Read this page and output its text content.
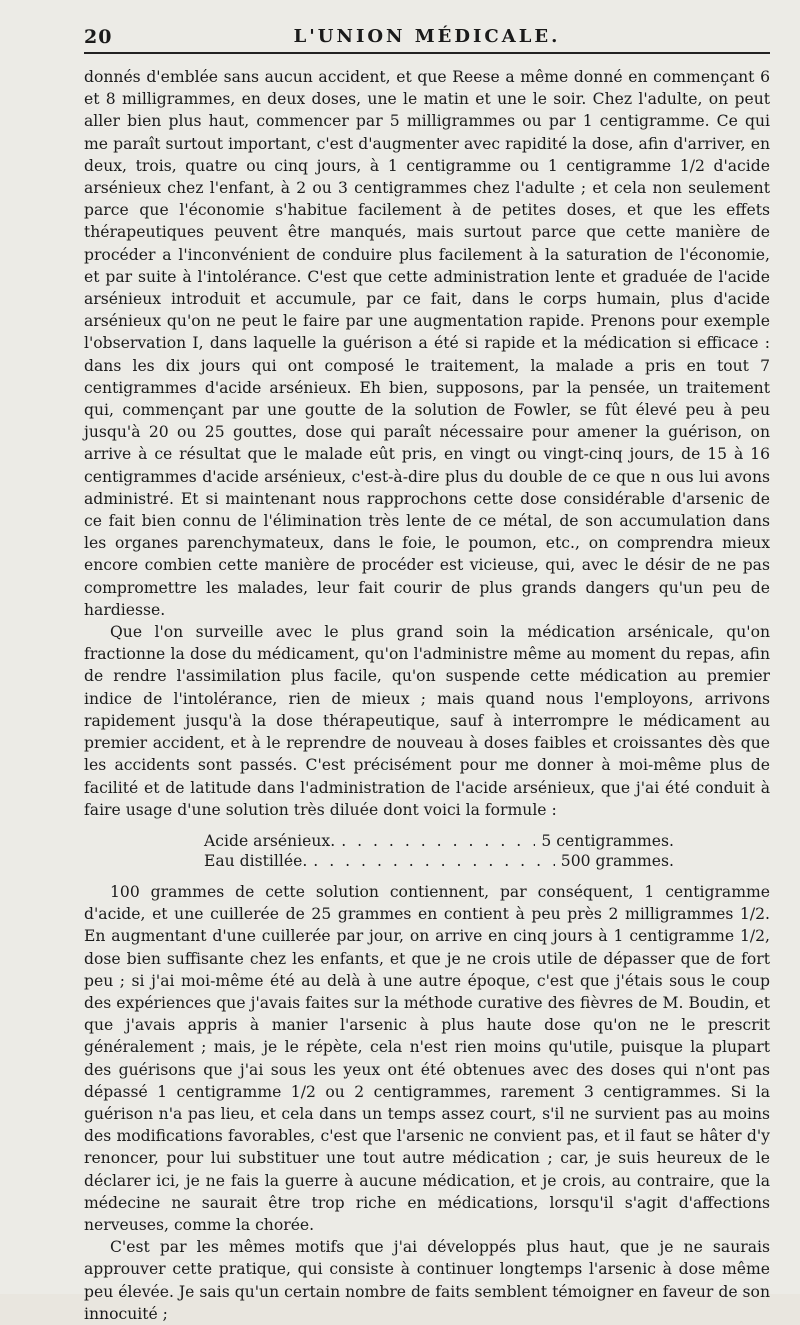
20	L'UNION MÉDICALE.

donnés d'emblée sans aucun accident, et que Reese a même donné en commençant 6 et 8 milligrammes, en deux doses, une le matin et une le soir. Chez l'adulte, on peut aller bien plus haut, commencer par 5 milligrammes ou par 1 centigramme. Ce qui me paraît surtout important, c'est d'augmenter avec rapidité la dose, afin d'arriver, en deux, trois, quatre ou cinq jours, à 1 centigramme ou 1 centigramme 1/2 d'acide arsénieux chez l'enfant, à 2 ou 3 centigrammes chez l'adulte ; et cela non seulement parce que l'économie s'habitue facilement à de petites doses, et que les effets thérapeutiques peuvent être manqués, mais surtout parce que cette manière de procéder a l'inconvénient de conduire plus facilement à la saturation de l'économie, et par suite à l'intolérance. C'est que cette administration lente et graduée de l'acide arsénieux introduit et accumule, par ce fait, dans le corps humain, plus d'acide arsénieux qu'on ne peut le faire par une augmentation rapide. Prenons pour exemple l'observation I, dans laquelle la guérison a été si rapide et la médication si efficace : dans les dix jours qui ont composé le traitement, la malade a pris en tout 7 centigrammes d'acide arsénieux. Eh bien, supposons, par la pensée, un traitement qui, commençant par une goutte de la solution de Fowler, se fût élevé peu à peu jusqu'à 20 ou 25 gouttes, dose qui paraît nécessaire pour amener la guérison, on arrive à ce résultat que le malade eût pris, en vingt ou vingt-cinq jours, de 15 à 16 centigrammes d'acide arsénieux, c'est-à-dire plus du double de ce que n ous lui avons administré. Et si maintenant nous rapprochons cette dose considérable d'arsenic de ce fait bien connu de l'élimination très lente de ce métal, de son accumulation dans les organes parenchymateux, dans le foie, le poumon, etc., on comprendra mieux encore combien cette manière de procéder est vicieuse, qui, avec le désir de ne pas compromettre les malades, leur fait courir de plus grands dangers qu'un peu de hardiesse.

Que l'on surveille avec le plus grand soin la médication arsénicale, qu'on fractionne la dose du médicament, qu'on l'administre même au moment du repas, afin de rendre l'assimilation plus facile, qu'on suspende cette médication au premier indice de l'intolérance, rien de mieux ; mais quand nous l'employons, arrivons rapidement jusqu'à la dose thérapeutique, sauf à interrompre le médicament au premier accident, et à le reprendre de nouveau à doses faibles et croissantes dès que les accidents sont passés. C'est précisément pour me donner à moi-même plus de facilité et de latitude dans l'administration de l'acide arsénieux, que j'ai été conduit à faire usage d'une solution très diluée dont voici la formule :

Acide arsénieux. . . .	5 centigrammes.
Eau distillée. . . .	500 grammes.

100 grammes de cette solution contiennent, par conséquent, 1 centigramme d'acide, et une cuillerée de 25 grammes en contient à peu près 2 milligrammes 1/2. En augmentant d'une cuillerée par jour, on arrive en cinq jours à 1 centigramme 1/2, dose bien suffisante chez les enfants, et que je ne crois utile de dépasser que de fort peu ; si j'ai moi-même été au delà à une autre époque, c'est que j'étais sous le coup des expériences que j'avais faites sur la méthode curative des fièvres de M. Boudin, et que j'avais appris à manier l'arsenic à plus haute dose qu'on ne le prescrit généralement ; mais, je le répète, cela n'est rien moins qu'utile, puisque la plupart des guérisons que j'ai sous les yeux ont été obtenues avec des doses qui n'ont pas dépassé 1 centigramme 1/2 ou 2 centigrammes, rarement 3 centigrammes. Si la guérison n'a pas lieu, et cela dans un temps assez court, s'il ne survient pas au moins des modifications favorables, c'est que l'arsenic ne convient pas, et il faut se hâter d'y renoncer, pour lui substituer une tout autre médication ; car, je suis heureux de le déclarer ici, je ne fais la guerre à aucune médication, et je crois, au contraire, que la médecine ne saurait être trop riche en médications, lorsqu'il s'agit d'affections nerveuses, comme la chorée.

C'est par les mêmes motifs que j'ai développés plus haut, que je ne saurais approuver cette pratique, qui consiste à continuer longtemps l'arsenic à dose même peu élevée. Je sais qu'un certain nombre de faits semblent témoigner en faveur de son innocuité ;
